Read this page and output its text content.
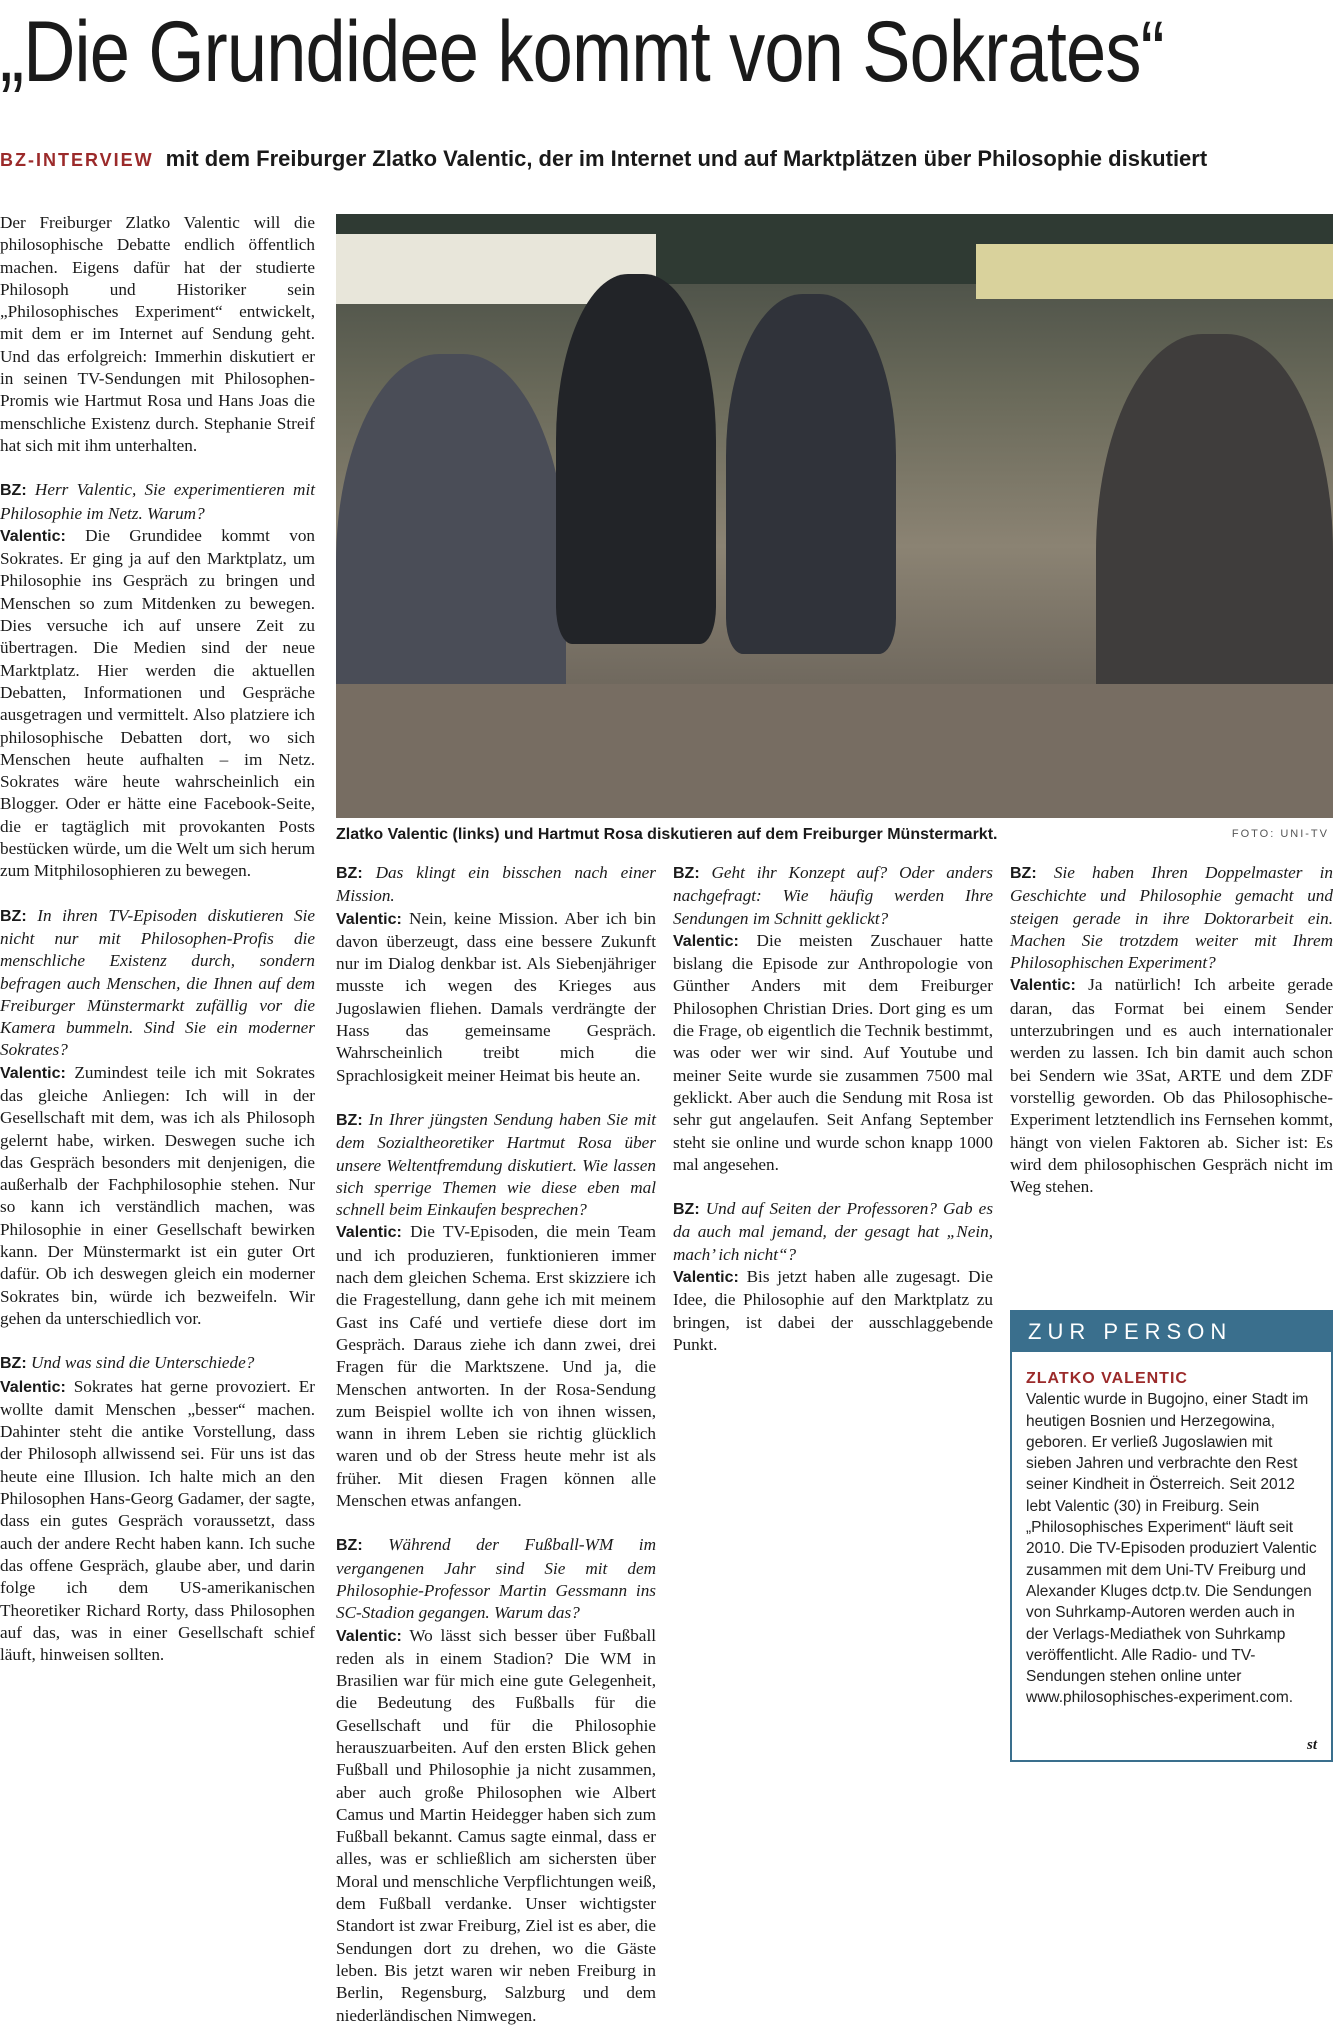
„Die Grundidee kommt von Sokrates“
BZ-INTERVIEW mit dem Freiburger Zlatko Valentic, der im Internet und auf Marktplätzen über Philosophie diskutiert

Der Freiburger Zlatko Valentic will die philosophische Debatte endlich öffentlich machen. Eigens dafür hat der studierte Philosoph und Historiker sein „Philosophisches Experiment“ entwickelt, mit dem er im Internet auf Sendung geht. Und das erfolgreich: Immerhin diskutiert er in seinen TV-Sendungen mit Philosophen-Promis wie Hartmut Rosa und Hans Joas die menschliche Existenz durch. Stephanie Streif hat sich mit ihm unterhalten.

BZ: Herr Valentic, Sie experimentieren mit Philosophie im Netz. Warum?
Valentic: Die Grundidee kommt von Sokrates. Er ging ja auf den Marktplatz, um Philosophie ins Gespräch zu bringen und Menschen so zum Mitdenken zu bewegen. Dies versuche ich auf unsere Zeit zu übertragen. Die Medien sind der neue Marktplatz. Hier werden die aktuellen Debatten, Informationen und Gespräche ausgetragen und vermittelt. Also platziere ich philosophische Debatten dort, wo sich Menschen heute aufhalten – im Netz. Sokrates wäre heute wahrscheinlich ein Blogger. Oder er hätte eine Facebook-Seite, die er tagtäglich mit provokanten Posts bestücken würde, um die Welt um sich herum zum Mitphilosophieren zu bewegen.

BZ: In ihren TV-Episoden diskutieren Sie nicht nur mit Philosophen-Profis die menschliche Existenz durch, sondern befragen auch Menschen, die Ihnen auf dem Freiburger Münstermarkt zufällig vor die Kamera bummeln. Sind Sie ein moderner Sokrates?
Valentic: Zumindest teile ich mit Sokrates das gleiche Anliegen: Ich will in der Gesellschaft mit dem, was ich als Philosoph gelernt habe, wirken. Deswegen suche ich das Gespräch besonders mit denjenigen, die außerhalb der Fachphilosophie stehen. Nur so kann ich verständlich machen, was Philosophie in einer Gesellschaft bewirken kann. Der Münstermarkt ist ein guter Ort dafür. Ob ich deswegen gleich ein moderner Sokrates bin, würde ich bezweifeln. Wir gehen da unterschiedlich vor.

BZ: Und was sind die Unterschiede?
Valentic: Sokrates hat gerne provoziert. Er wollte damit Menschen „besser“ machen. Dahinter steht die antike Vorstellung, dass der Philosoph allwissend sei. Für uns ist das heute eine Illusion. Ich halte mich an den Philosophen Hans-Georg Gadamer, der sagte, dass ein gutes Gespräch voraussetzt, dass auch der andere Recht haben kann. Ich suche das offene Gespräch, glaube aber, und darin folge ich dem US-amerikanischen Theoretiker Richard Rorty, dass Philosophen auf das, was in einer Gesellschaft schief läuft, hinweisen sollten.

Zlatko Valentic (links) und Hartmut Rosa diskutieren auf dem Freiburger Münstermarkt.	FOTO: UNI-TV

BZ: Das klingt ein bisschen nach einer Mission.
Valentic: Nein, keine Mission. Aber ich bin davon überzeugt, dass eine bessere Zukunft nur im Dialog denkbar ist. Als Siebenjähriger musste ich wegen des Krieges aus Jugoslawien fliehen. Damals verdrängte der Hass das gemeinsame Gespräch. Wahrscheinlich treibt mich die Sprachlosigkeit meiner Heimat bis heute an.

BZ: In Ihrer jüngsten Sendung haben Sie mit dem Sozialtheoretiker Hartmut Rosa über unsere Weltentfremdung diskutiert. Wie lassen sich sperrige Themen wie diese eben mal schnell beim Einkaufen besprechen?
Valentic: Die TV-Episoden, die mein Team und ich produzieren, funktionieren immer nach dem gleichen Schema. Erst skizziere ich die Fragestellung, dann gehe ich mit meinem Gast ins Café und vertiefe diese dort im Gespräch. Daraus ziehe ich dann zwei, drei Fragen für die Marktszene. Und ja, die Menschen antworten. In der Rosa-Sendung zum Beispiel wollte ich von ihnen wissen, wann in ihrem Leben sie richtig glücklich waren und ob der Stress heute mehr ist als früher. Mit diesen Fragen können alle Menschen etwas anfangen.

BZ: Während der Fußball-WM im vergangenen Jahr sind Sie mit dem Philosophie-Professor Martin Gessmann ins SC-Stadion gegangen. Warum das?
Valentic: Wo lässt sich besser über Fußball reden als in einem Stadion? Die WM in Brasilien war für mich eine gute Gelegenheit, die Bedeutung des Fußballs für die Gesellschaft und für die Philosophie herauszuarbeiten. Auf den ersten Blick gehen Fußball und Philosophie ja nicht zusammen, aber auch große Philosophen wie Albert Camus und Martin Heidegger haben sich zum Fußball bekannt. Camus sagte einmal, dass er alles, was er schließlich am sichersten über Moral und menschliche Verpflichtungen weiß, dem Fußball verdanke. Unser wichtigster Standort ist zwar Freiburg, Ziel ist es aber, die Sendungen dort zu drehen, wo die Gäste leben. Bis jetzt waren wir neben Freiburg in Berlin, Regensburg, Salzburg und dem niederländischen Nimwegen.

BZ: Geht ihr Konzept auf? Oder anders nachgefragt: Wie häufig werden Ihre Sendungen im Schnitt geklickt?
Valentic: Die meisten Zuschauer hatte bislang die Episode zur Anthropologie von Günther Anders mit dem Freiburger Philosophen Christian Dries. Dort ging es um die Frage, ob eigentlich die Technik bestimmt, was oder wer wir sind. Auf Youtube und meiner Seite wurde sie zusammen 7500 mal geklickt. Aber auch die Sendung mit Rosa ist sehr gut angelaufen. Seit Anfang September steht sie online und wurde schon knapp 1000 mal angesehen.

BZ: Und auf Seiten der Professoren? Gab es da auch mal jemand, der gesagt hat „Nein, mach’ ich nicht“?
Valentic: Bis jetzt haben alle zugesagt. Die Idee, die Philosophie auf den Marktplatz zu bringen, ist dabei der ausschlaggebende Punkt.

BZ: Sie haben Ihren Doppelmaster in Geschichte und Philosophie gemacht und steigen gerade in ihre Doktorarbeit ein. Machen Sie trotzdem weiter mit Ihrem Philosophischen Experiment?
Valentic: Ja natürlich! Ich arbeite gerade daran, das Format bei einem Sender unterzubringen und es auch internationaler werden zu lassen. Ich bin damit auch schon bei Sendern wie 3Sat, ARTE und dem ZDF vorstellig geworden. Ob das Philosophische-Experiment letztendlich ins Fernsehen kommt, hängt von vielen Faktoren ab. Sicher ist: Es wird dem philosophischen Gespräch nicht im Weg stehen.

ZUR PERSON
ZLATKO VALENTIC
Valentic wurde in Bugojno, einer Stadt im heutigen Bosnien und Herzegowina, geboren. Er verließ Jugoslawien mit sieben Jahren und verbrachte den Rest seiner Kindheit in Österreich. Seit 2012 lebt Valentic (30) in Freiburg. Sein „Philosophisches Experiment“ läuft seit 2010. Die TV-Episoden produziert Valentic zusammen mit dem Uni-TV Freiburg und Alexander Kluges dctp.tv. Die Sendungen von Suhrkamp-Autoren werden auch in der Verlags-Mediathek von Suhrkamp veröffentlicht. Alle Radio- und TV-Sendungen stehen online unter www.philosophisches-experiment.com.
st
